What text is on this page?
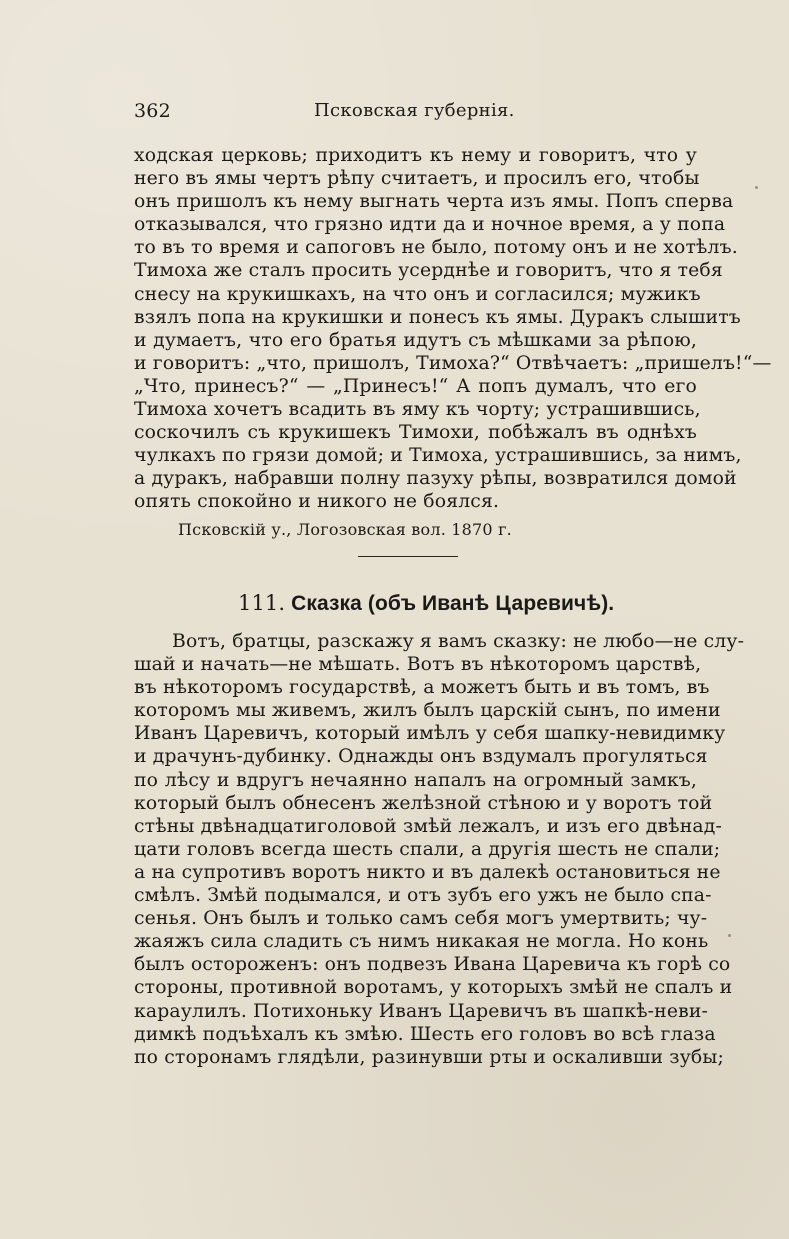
362	Псковская губернія.
ходская церковь; приходитъ къ нему и говоритъ, что у
него въ ямы чертъ рѣпу считаетъ, и просилъ его, чтобы
онъ пришолъ къ нему выгнать черта изъ ямы. Попъ сперва
отказывался, что грязно идти да и ночное время, а у попа
то въ то время и сапоговъ не было, потому онъ и не хотѣлъ.
Тимоха же сталъ просить усерднѣе и говоритъ, что я тебя
снесу на крукишкахъ, на что онъ и согласился; мужикъ
взялъ попа на крукишки и понесъ къ ямы. Дуракъ слышитъ
и думаетъ, что его братья идутъ съ мѣшками за рѣпою,
и говоритъ: „что, пришолъ, Тимоха?“ Отвѣчаетъ: „пришелъ!“—
„Что, принесъ?“ — „Принесъ!“ А попъ думалъ, что его
Тимоха хочетъ всадить въ яму къ чорту; устрашившись,
соскочилъ съ крукишекъ Тимохи, побѣжалъ въ однѣхъ
чулкахъ по грязи домой; и Тимоха, устрашившись, за нимъ,
а дуракъ, набравши полну пазуху рѣпы, возвратился домой
опять спокойно и никого не боялся.
Псковскій у., Логозовская вол. 1870 г.
111. Сказка (объ Иванѣ Царевичѣ).
Вотъ, братцы, разскажу я вамъ сказку: не любо—не слу-
шай и начать—не мѣшать. Вотъ въ нѣкоторомъ царствѣ,
въ нѣкоторомъ государствѣ, а можетъ быть и въ томъ, въ
которомъ мы живемъ, жилъ былъ царскій сынъ, по имени
Иванъ Царевичъ, который имѣлъ у себя шапку-невидимку
и драчунъ-дубинку. Однажды онъ вздумалъ прогуляться
по лѣсу и вдругъ нечаянно напалъ на огромный замкъ,
который былъ обнесенъ желѣзной стѣною и у воротъ той
стѣны двѣнадцатиголовой змѣй лежалъ, и изъ его двѣнад-
цати головъ всегда шесть спали, а другія шесть не спали;
а на супротивъ воротъ никто и въ далекѣ остановиться не
смѣлъ. Змѣй подымался, и отъ зубъ его ужъ не было спа-
сенья. Онъ былъ и только самъ себя могъ умертвить; чу-
жаяжъ сила сладить съ нимъ никакая не могла. Но конь
былъ остороженъ: онъ подвезъ Ивана Царевича къ горѣ со
стороны, противной воротамъ, у которыхъ змѣй не спалъ и
караулилъ. Потихоньку Иванъ Царевичъ въ шапкѣ-неви-
димкѣ подъѣхалъ къ змѣю. Шесть его головъ во всѣ глаза
по сторонамъ глядѣли, разинувши рты и оскаливши зубы;
